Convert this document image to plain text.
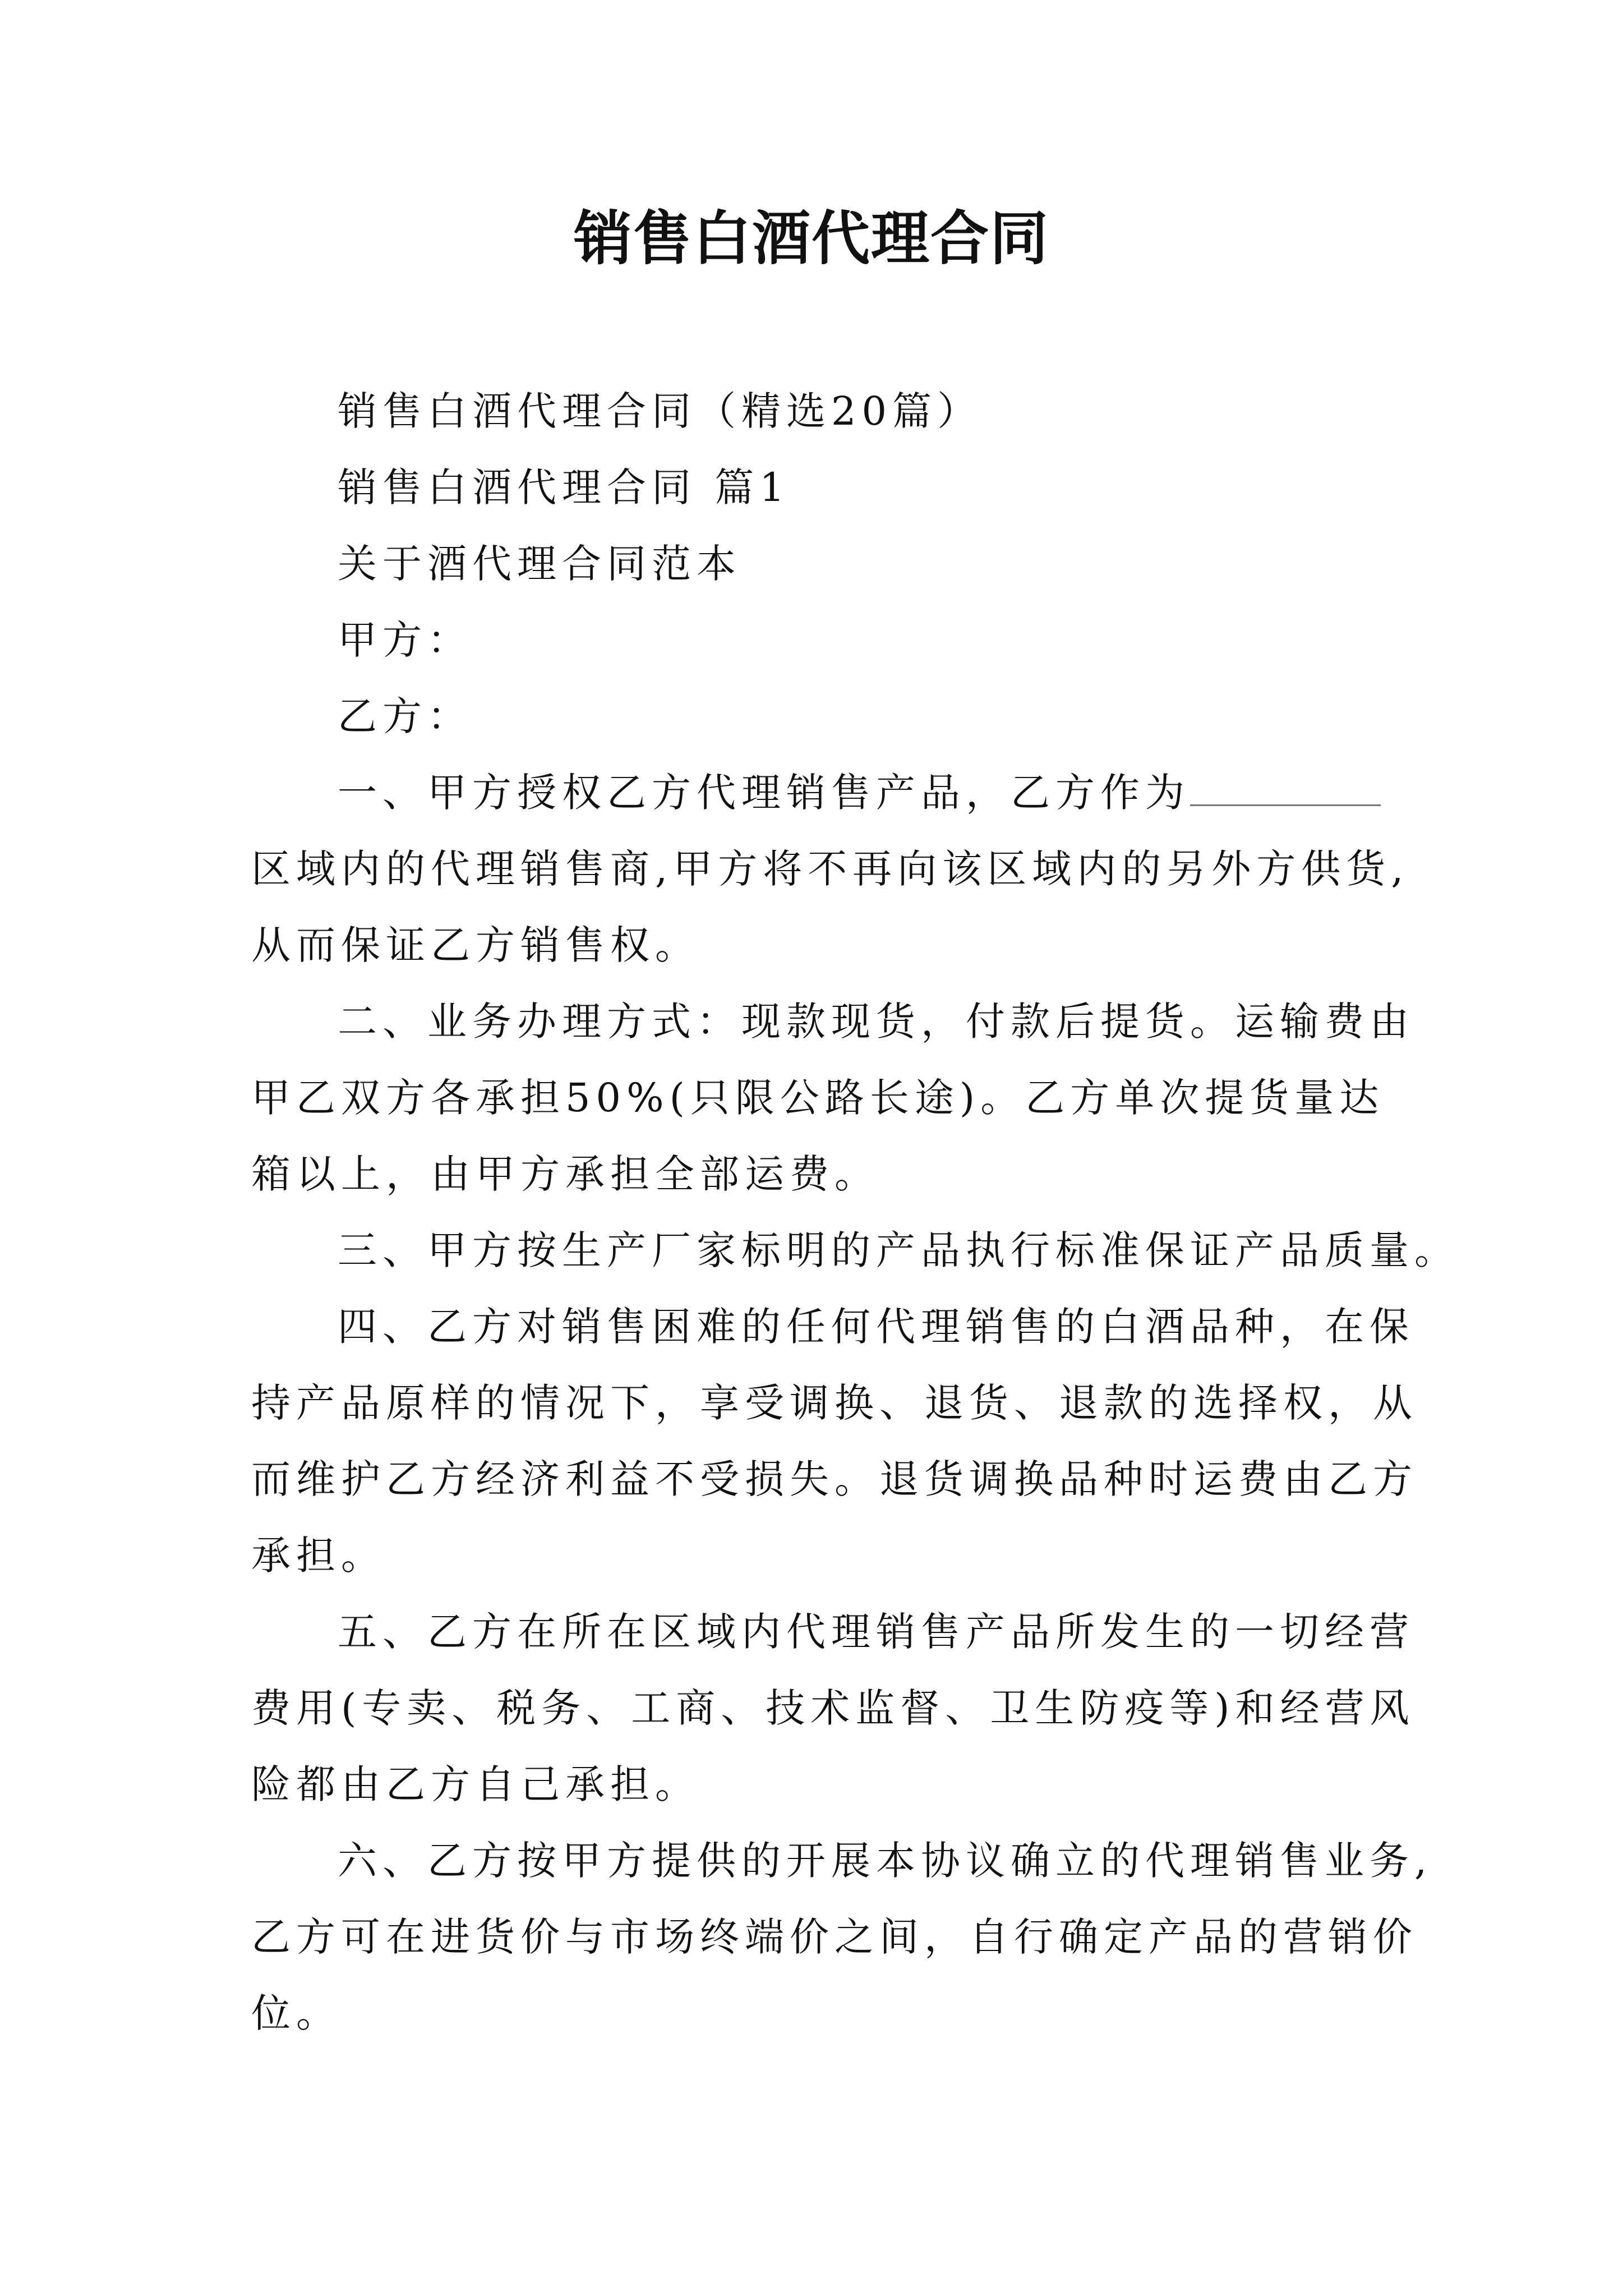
销售白酒代理合同

销售白酒代理合同（精选20篇）

销售白酒代理合同 篇1

关于酒代理合同范本

甲方：

乙方：

一、甲方授权乙方代理销售产品，乙方作为

区域内的代理销售商,甲方将不再向该区域内的另外方供货,

从而保证乙方销售权。

二、业务办理方式：现款现货，付款后提货。运输费由

甲乙双方各承担50%(只限公路长途)。乙方单次提货量达

箱以上，由甲方承担全部运费。

三、甲方按生产厂家标明的产品执行标准保证产品质量。

四、乙方对销售困难的任何代理销售的白酒品种，在保

持产品原样的情况下，享受调换、退货、退款的选择权，从

而维护乙方经济利益不受损失。退货调换品种时运费由乙方

承担。

五、乙方在所在区域内代理销售产品所发生的一切经营

费用(专卖、税务、工商、技术监督、卫生防疫等)和经营风

险都由乙方自己承担。

六、乙方按甲方提供的开展本协议确立的代理销售业务,

乙方可在进货价与市场终端价之间，自行确定产品的营销价

位。
